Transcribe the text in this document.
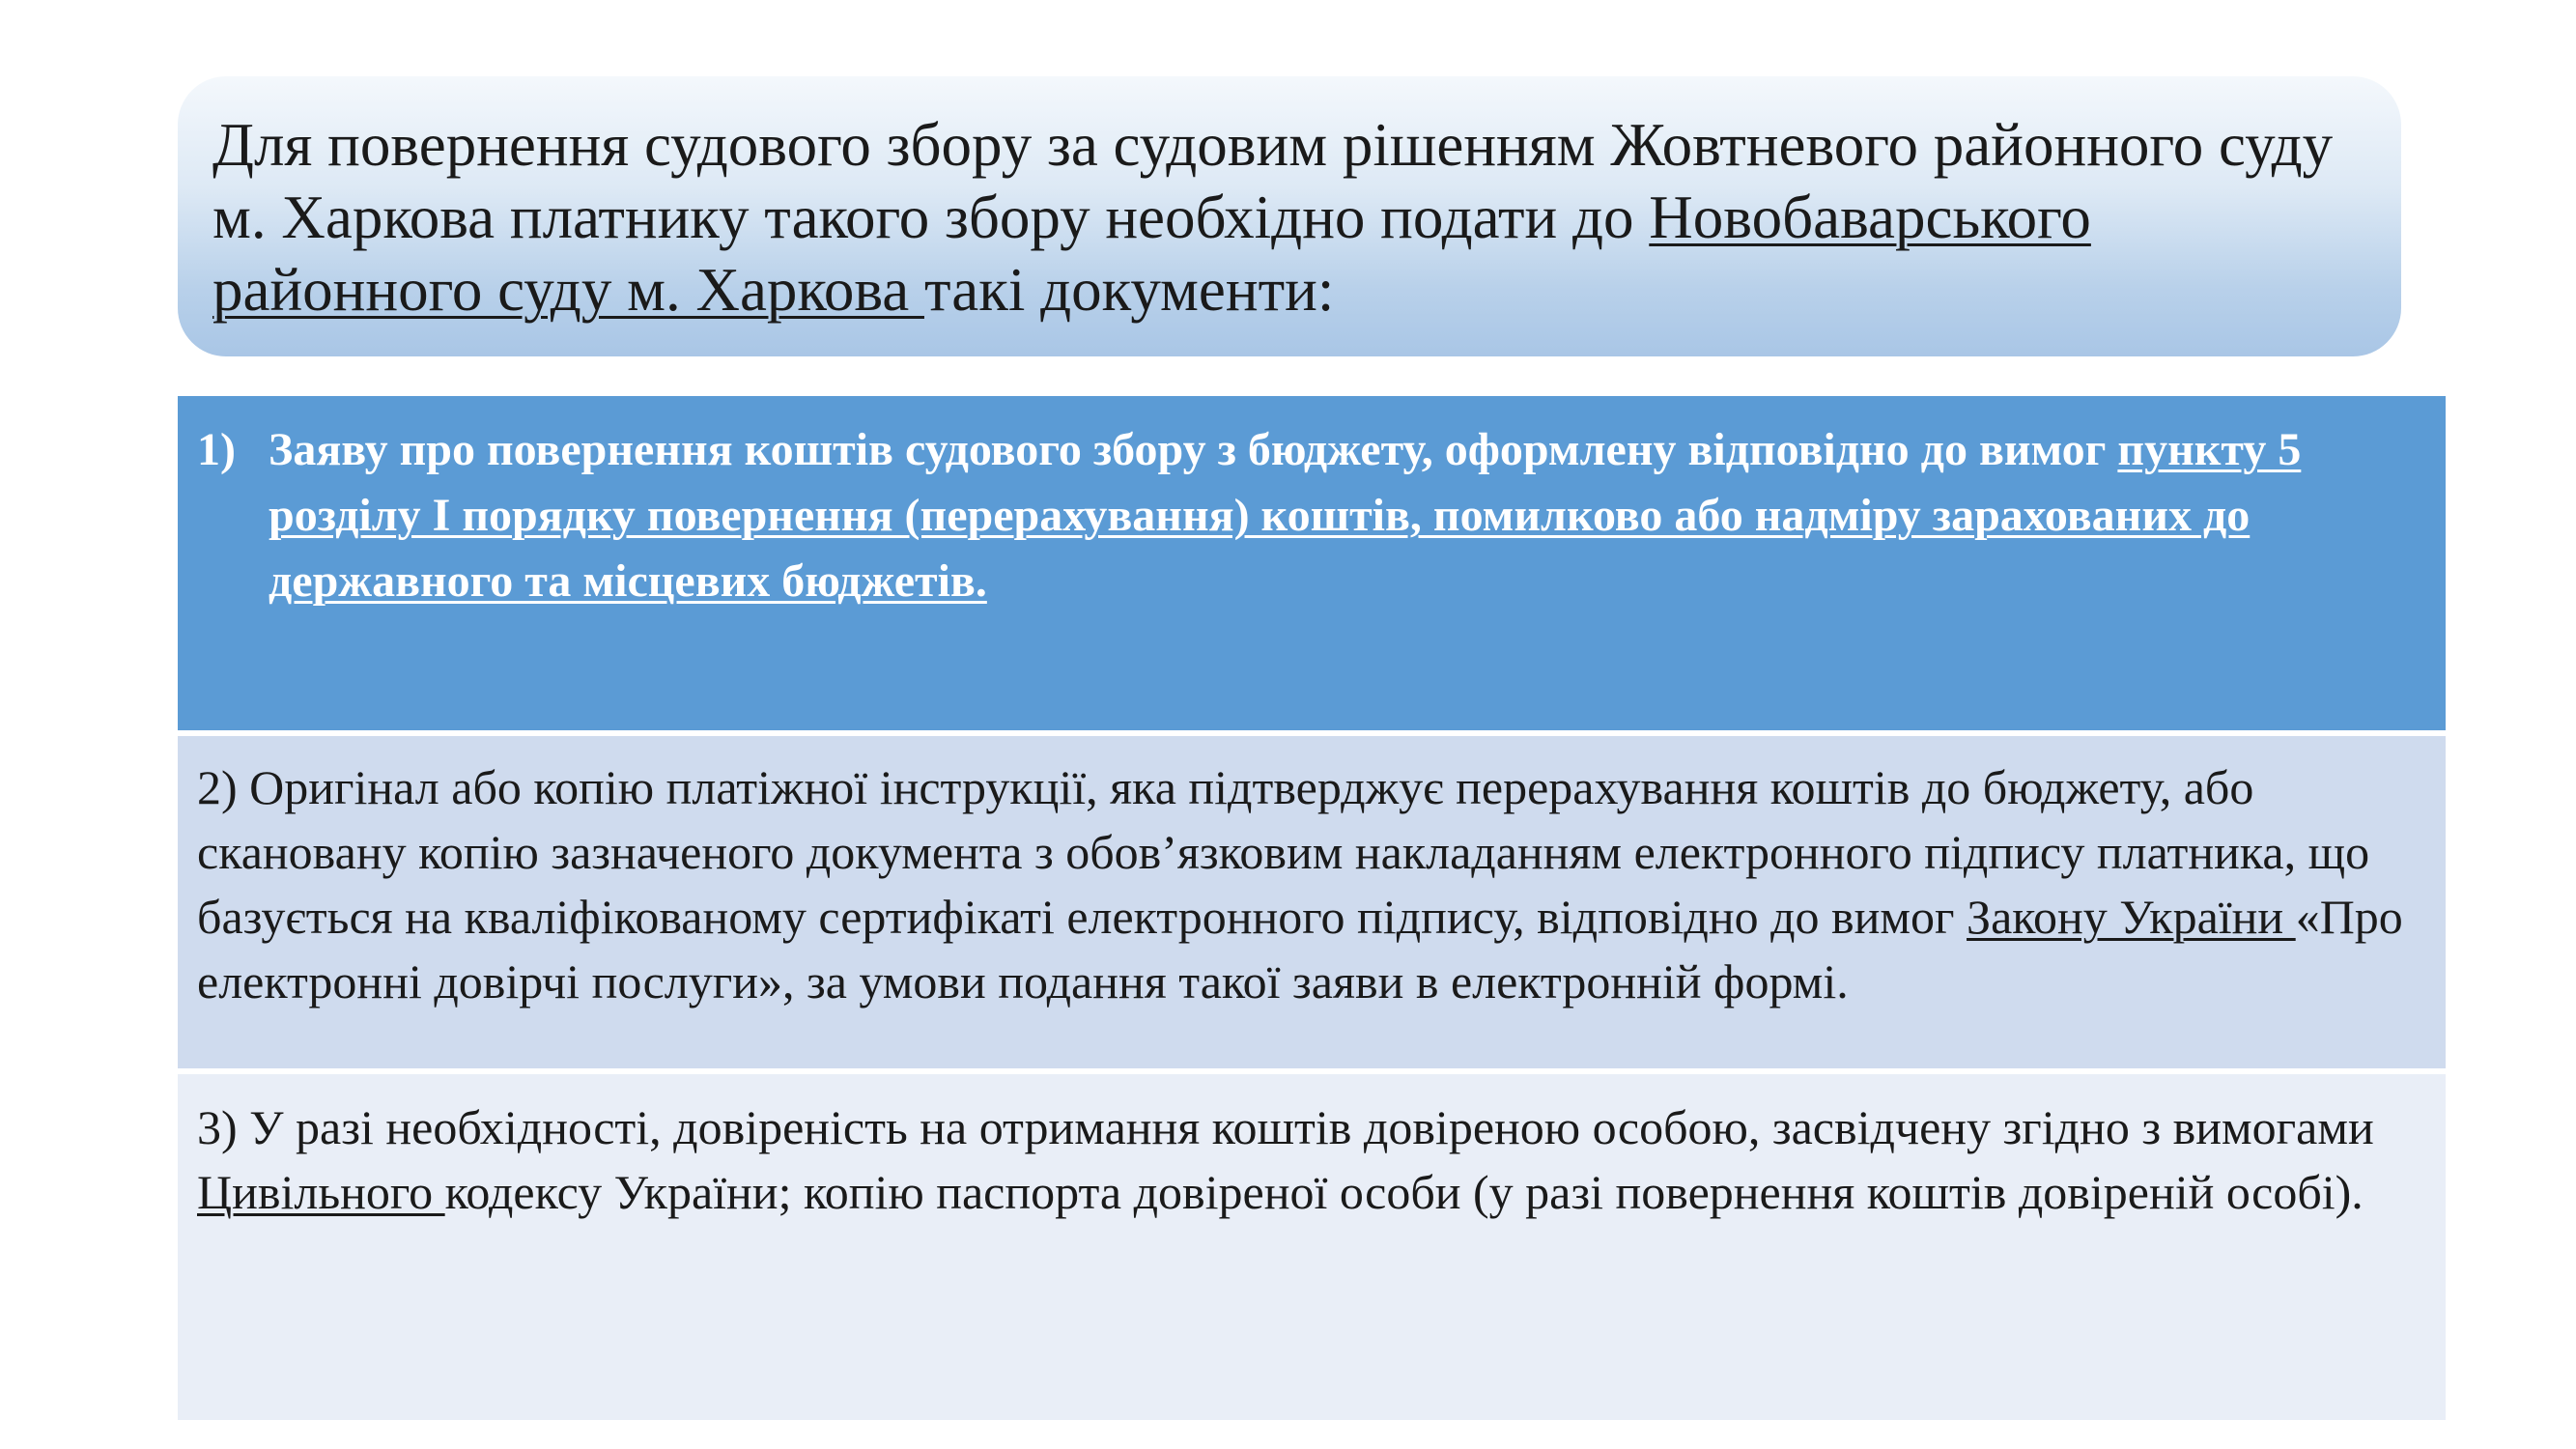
Для повернення судового збору за судовим рішенням Жовтневого районного суду м. Харкова платнику такого збору необхідно подати до Новобаварського районного суду м. Харкова такі документи:
1) Заяву про повернення коштів судового збору з бюджету, оформлену відповідно до вимог пункту 5 розділу I порядку повернення (перерахування) коштів, помилково або надміру зарахованих до державного та місцевих бюджетів.
2) Оригінал або копію платіжної інструкції, яка підтверджує перерахування коштів до бюджету, або скановану копію зазначеного документа з обов’язковим накладанням електронного підпису платника, що базується на кваліфікованому сертифікаті електронного підпису, відповідно до вимог Закону України «Про електронні довірчі послуги», за умови подання такої заяви в електронній формі.
3) У разі необхідності, довіреність на отримання коштів довіреною особою, засвідчену згідно з вимогами Цивільного кодексу України; копію паспорта довіреної особи (у разі повернення коштів довіреній особі).
